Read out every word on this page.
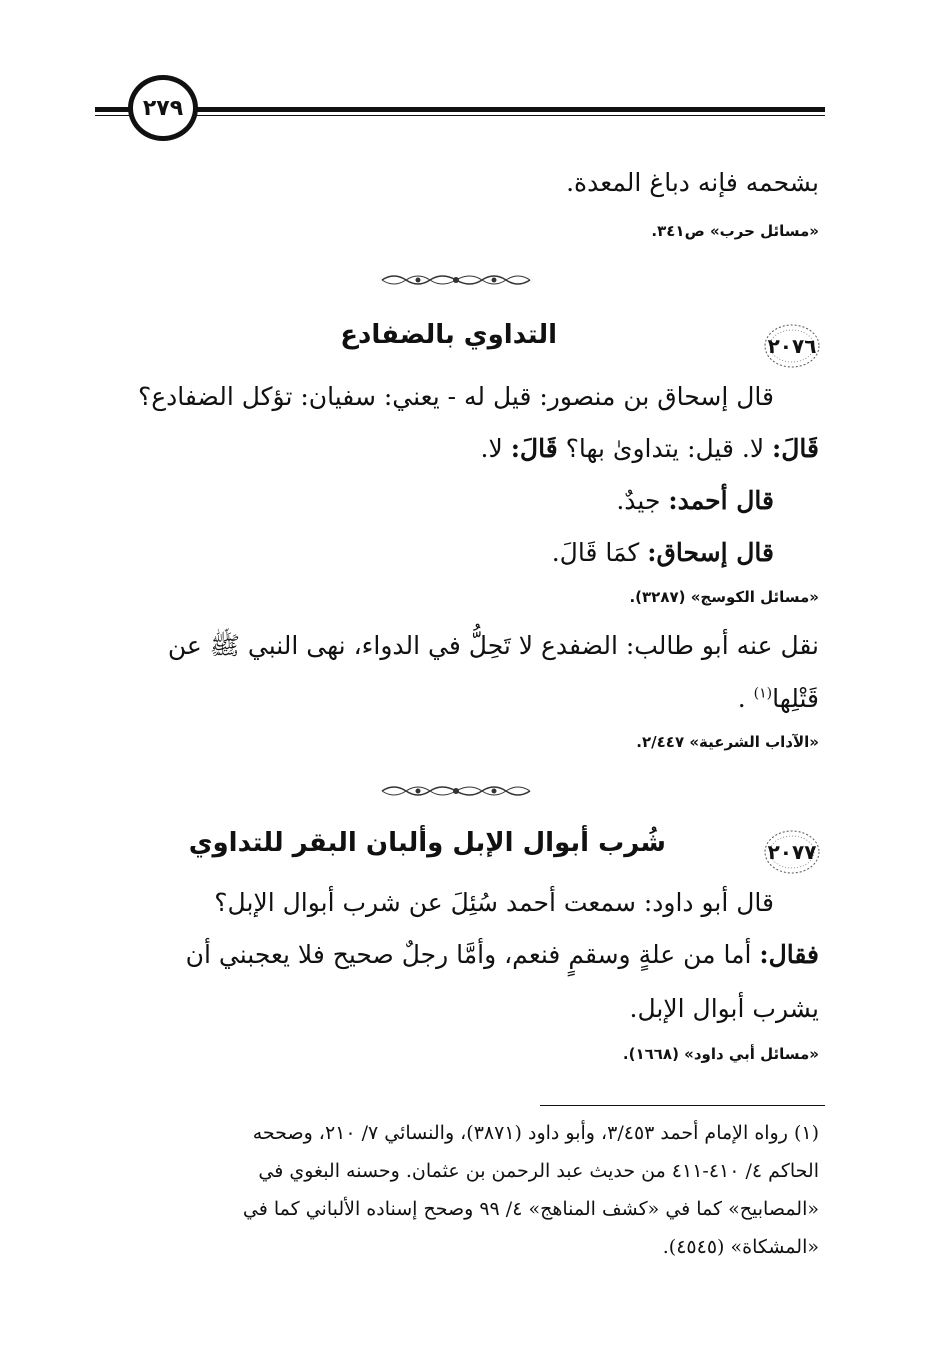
٢٧٩
بشحمه فإنه دباغ المعدة.
«مسائل حرب» ص٣٤١.
٢٠٧٦
التداوي بالضفادع
قال إسحاق بن منصور: قيل له - يعني: سفيان: تؤكل الضفادع؟
قَالَ: لا. قيل: يتداوىٰ بها؟ قَالَ: لا.
قال أحمد: جيدٌ.
قال إسحاق: كمَا قَالَ.
«مسائل الكوسج» (٣٢٨٧).
نقل عنه أبو طالب: الضفدع لا تَحِلُّ في الدواء، نهى النبي ﷺ عن
قَتْلِها$^{(١)}$ .
«الآداب الشرعية» ٢/٤٤٧.
٢٠٧٧
شُرب أبوال الإبل وألبان البقر للتداوي
قال أبو داود: سمعت أحمد سُئِلَ عن شرب أبوال الإبل؟
فقال: أما من علةٍ وسقمٍ فنعم، وأمَّا رجلٌ صحيح فلا يعجبني أن
يشرب أبوال الإبل.
«مسائل أبي داود» (١٦٦٨).
(١) رواه الإمام أحمد ٣/٤٥٣، وأبو داود (٣٨٧١)، والنسائي ٧/ ٢١٠، وصححه
الحاكم ٤/ ٤١٠-٤١١ من حديث عبد الرحمن بن عثمان. وحسنه البغوي في
«المصابيح» كما في «كشف المناهج» ٤/ ٩٩ وصحح إسناده الألباني كما في
«المشكاة» (٤٥٤٥).
